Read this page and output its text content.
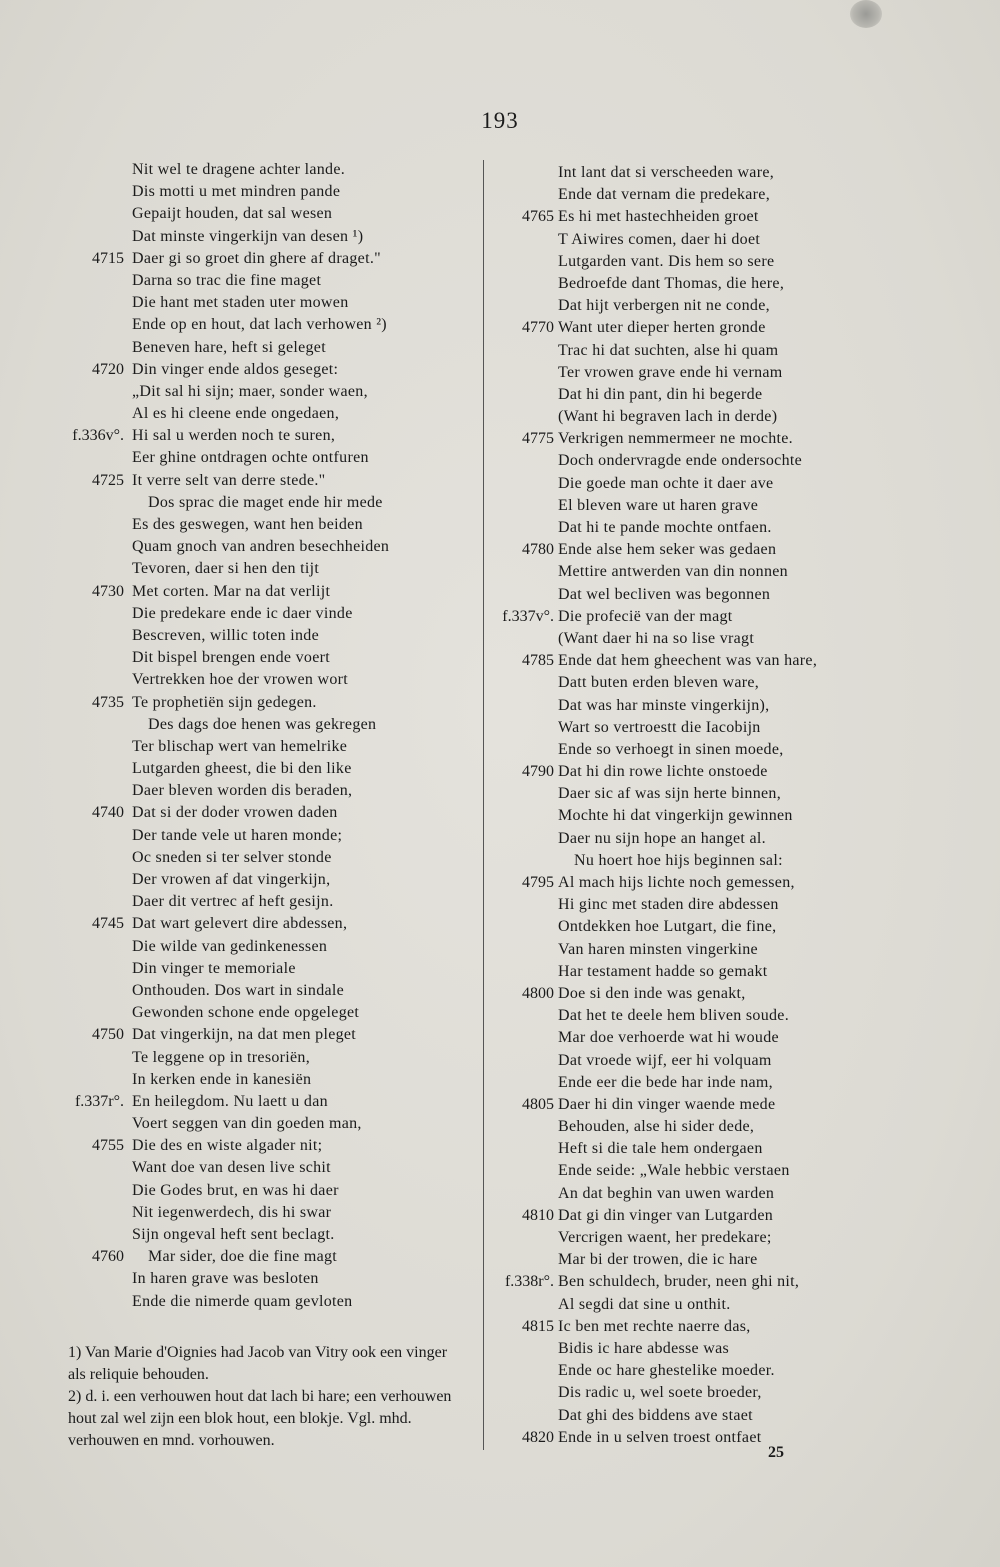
193
Nit wel te dragene achter lande.
Dis motti u met mindren pande
Gepaijt houden, dat sal wesen
Dat minste vingerkijn van desen ¹)
4715 Daer gi so groet din ghere af draget."
Darna so trac die fine maget
Die hant met staden uter mowen
Ende op en hout, dat lach verhowen ²)
Beneven hare, heft si geleget
4720 Din vinger ende aldos geseget:
„Dit sal hi sijn; maer, sonder waen,
Al es hi cleene ende ongedaen,
f.336v°. Hi sal u werden noch te suren,
Eer ghine ontdragen ochte ontfuren
4725 It verre selt van derre stede."
Dos sprac die maget ende hir mede
Es des geswegen, want hen beiden
Quam gnoch van andren besechheiden
Tevoren, daer si hen den tijt
4730 Met corten. Mar na dat verlijt
Die predekare ende ic daer vinde
Bescreven, willic toten inde
Dit bispel brengen ende voert
Vertrekken hoe der vrowen wort
4735 Te prophetiën sijn gedegen.
Des dags doe henen was gekregen
Ter blischap wert van hemelrike
Lutgarden gheest, die bi den like
Daer bleven worden dis beraden,
4740 Dat si der doder vrowen daden
Der tande vele ut haren monde;
Oc sneden si ter selver stonde
Der vrowen af dat vingerkijn,
Daer dit vertrec af heft gesijn.
4745 Dat wart gelevert dire abdessen,
Die wilde van gedinkenessen
Din vinger te memoriale
Onthouden. Dos wart in sindale
Gewonden schone ende opgeleget
4750 Dat vingerkijn, na dat men pleget
Te leggene op in tresoriën,
In kerken ende in kanesiën
f.337r°. En heilegdom. Nu laett u dan
Voert seggen van din goeden man,
4755 Die des en wiste algader nit;
Want doe van desen live schit
Die Godes brut, en was hi daer
Nit iegenwerdech, dis hi swar
Sijn ongeval heft sent beclagt.
4760	Mar sider, doe die fine magt
In haren grave was besloten
Ende die nimerde quam gevloten
Int lant dat si verscheeden ware,
Ende dat vernam die predekare,
4765 Es hi met hastechheiden groet
T Aiwires comen, daer hi doet
Lutgarden vant. Dis hem so sere
Bedroefde dant Thomas, die here,
Dat hijt verbergen nit ne conde,
4770 Want uter dieper herten gronde
Trac hi dat suchten, alse hi quam
Ter vrowen grave ende hi vernam
Dat hi din pant, din hi begerde
(Want hi begraven lach in derde)
4775 Verkrigen nemmermeer ne mochte.
Doch ondervragde ende ondersochte
Die goede man ochte it daer ave
El bleven ware ut haren grave
Dat hi te pande mochte ontfaen.
4780 Ende alse hem seker was gedaen
Mettire antwerden van din nonnen
Dat wel becliven was begonnen
f.337v°. Die profecië van der magt
(Want daer hi na so lise vragt
4785 Ende dat hem gheechent was van hare,
Datt buten erden bleven ware,
Dat was har minste vingerkijn),
Wart so vertroestt die Iacobijn
Ende so verhoegt in sinen moede,
4790 Dat hi din rowe lichte onstoede
Daer sic af was sijn herte binnen,
Mochte hi dat vingerkijn gewinnen
Daer nu sijn hope an hanget al.
Nu hoert hoe hijs beginnen sal:
4795 Al mach hijs lichte noch gemessen,
Hi ginc met staden dire abdessen
Ontdekken hoe Lutgart, die fine,
Van haren minsten vingerkine
Har testament hadde so gemakt
4800 Doe si den inde was genakt,
Dat het te deele hem bliven soude.
Mar doe verhoerde wat hi woude
Dat vroede wijf, eer hi volquam
Ende eer die bede har inde nam,
4805 Daer hi din vinger waende mede
Behouden, alse hi sider dede,
Heft si die tale hem ondergaen
Ende seide: „Wale hebbic verstaen
An dat beghin van uwen warden
4810 Dat gi din vinger van Lutgarden
Vercrigen waent, her predekare;
Mar bi der trowen, die ic hare
f.338r°. Ben schuldech, bruder, neen ghi nit,
Al segdi dat sine u onthit.
4815 Ic ben met rechte naerre das,
Bidis ic hare abdesse was
Ende oc hare ghestelike moeder.
Dis radic u, wel soete broeder,
Dat ghi des biddens ave staet
4820 Ende in u selven troest ontfaet

1) Van Marie d'Oignies had Jacob van Vitry ook een vinger als reliquie behouden.

2) d. i. een verhouwen hout dat lach bi hare; een verhouwen hout zal wel zijn een blok hout, een blokje. Vgl. mhd. verhouwen en mnd. vorhouwen.

25
